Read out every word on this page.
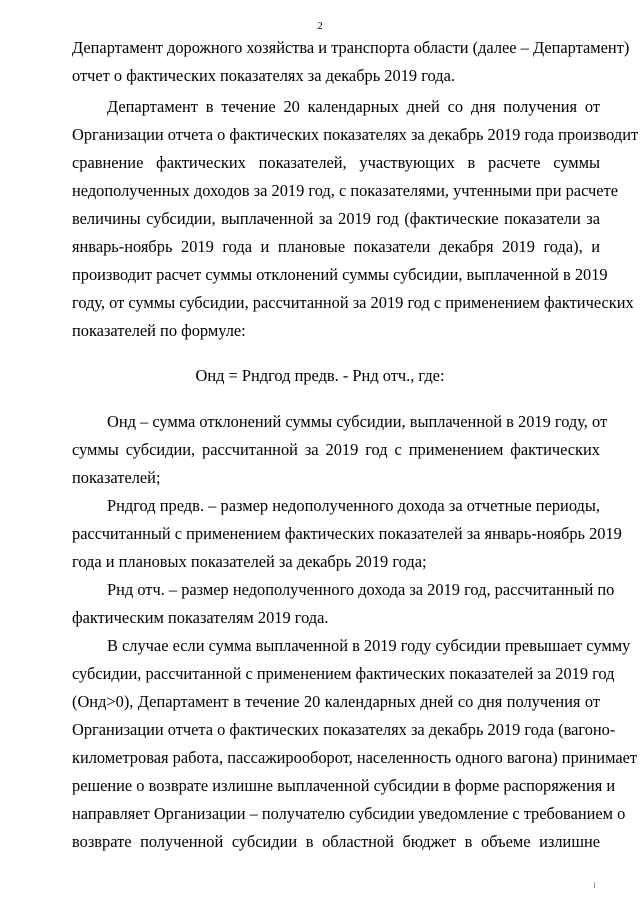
2
Департамент дорожного хозяйства и транспорта области (далее – Департамент)
отчет о фактических показателях за декабрь 2019 года.
Департамент в течение 20 календарных дней со дня получения от
Организации отчета о фактических показателях за декабрь 2019 года производит
сравнение фактических показателей, участвующих в расчете суммы
недополученных доходов за 2019 год, с показателями, учтенными при расчете
величины субсидии, выплаченной за 2019 год (фактические показатели за
январь-ноябрь 2019 года и плановые показатели декабря 2019 года), и
производит расчет суммы отклонений суммы субсидии, выплаченной в 2019
году, от суммы субсидии, рассчитанной за 2019 год с применением фактических
показателей по формуле:
Онд = Рндгод предв. - Рнд отч., где:
Онд – сумма отклонений суммы субсидии, выплаченной в 2019 году, от
суммы субсидии, рассчитанной за 2019 год с применением фактических
показателей;
Рндгод предв. – размер недополученного дохода за отчетные периоды,
рассчитанный с применением фактических показателей за январь-ноябрь 2019
года и плановых показателей за декабрь 2019 года;
Рнд отч. – размер недополученного дохода за 2019 год, рассчитанный по
фактическим показателям 2019 года.
В случае если сумма выплаченной в 2019 году субсидии превышает сумму
субсидии, рассчитанной с применением фактических показателей за 2019 год
(Онд>0), Департамент в течение 20 календарных дней со дня получения от
Организации отчета о фактических показателях за декабрь 2019 года (вагоно-
километровая работа, пассажирооборот, населенность одного вагона) принимает
решение о возврате излишне выплаченной субсидии в форме распоряжения и
направляет Организации – получателю субсидии уведомление с требованием о
возврате полученной субсидии в областной бюджет в объеме излишне
